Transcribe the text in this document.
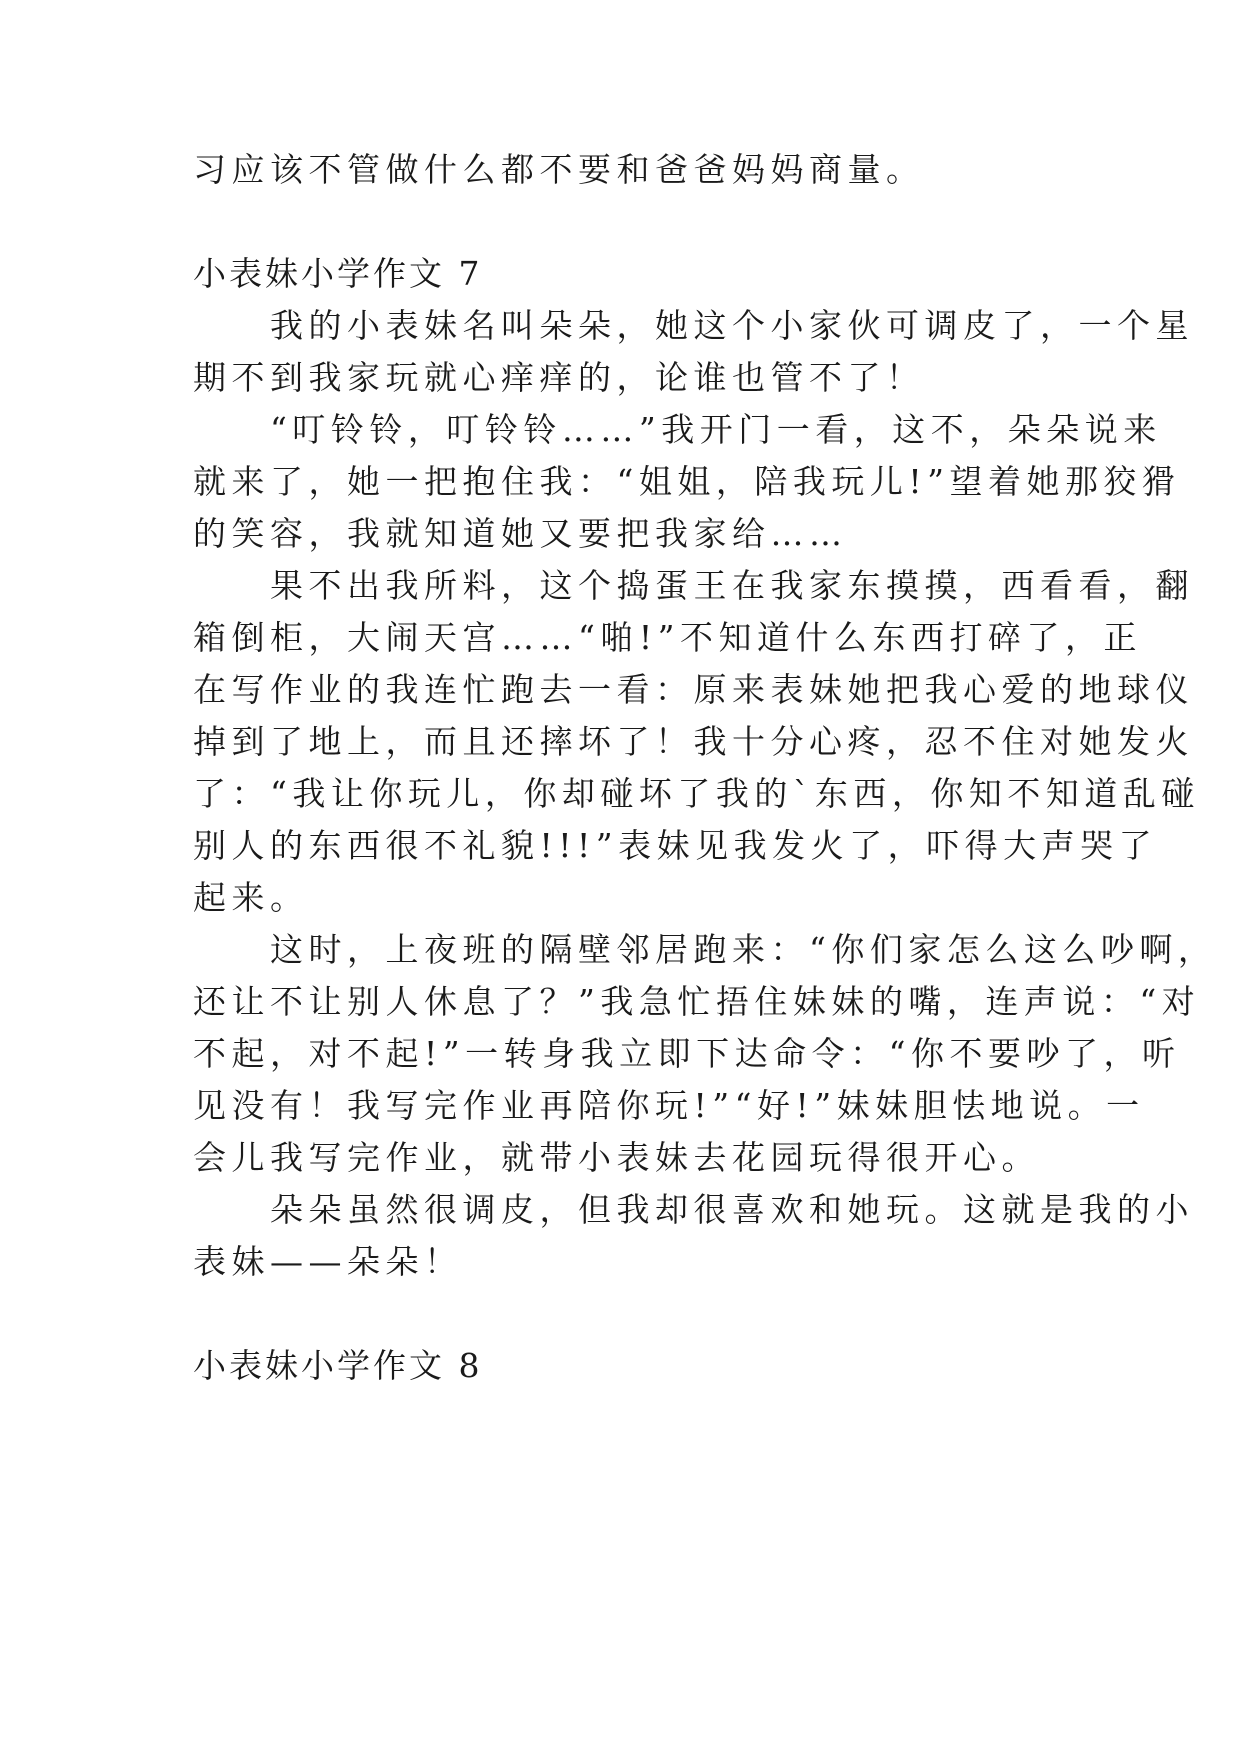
习应该不管做什么都不要和爸爸妈妈商量。
小表妹小学作文 7
　　我的小表妹名叫朵朵，她这个小家伙可调皮了，一个星
期不到我家玩就心痒痒的，论谁也管不了！
　　“叮铃铃，叮铃铃……”我开门一看，这不，朵朵说来
就来了，她一把抱住我：“姐姐，陪我玩儿!”望着她那狡猾
的笑容，我就知道她又要把我家给……
　　果不出我所料，这个捣蛋王在我家东摸摸，西看看，翻
箱倒柜，大闹天宫……“啪!”不知道什么东西打碎了，正
在写作业的我连忙跑去一看：原来表妹她把我心爱的地球仪
掉到了地上，而且还摔坏了！我十分心疼，忍不住对她发火
了：“我让你玩儿，你却碰坏了我的`东西，你知不知道乱碰
别人的东西很不礼貌!!!”表妹见我发火了，吓得大声哭了
起来。
　　这时，上夜班的隔壁邻居跑来：“你们家怎么这么吵啊，
还让不让别人休息了？”我急忙捂住妹妹的嘴，连声说：“对
不起，对不起!”一转身我立即下达命令：“你不要吵了，听
见没有！我写完作业再陪你玩!”“好!”妹妹胆怯地说。一
会儿我写完作业，就带小表妹去花园玩得很开心。
　　朵朵虽然很调皮，但我却很喜欢和她玩。这就是我的小
表妹——朵朵！
小表妹小学作文 8
